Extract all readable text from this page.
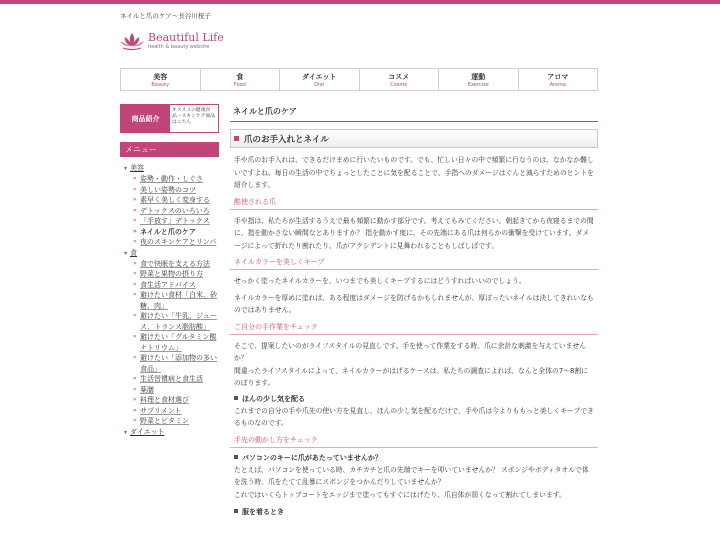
ネイルと爪のケア〜長谷川桜子
Beautiful Life
health & beauty website
美容
Beauty
食
Food
ダイエット
Diet
コスメ
Cosme
運動
Exercise
アロマ
Aroma
商品紹介
オススメの健康食品・スキンケア商品はこちら
メニュー
▾ 美容
» 姿勢・動作・しぐさ
» 美しい姿勢のコツ
» 素早く美しく変身する
» デトックスのいろいろ
» 「手放す」デトックス
» ネイルと爪のケア
» 夜のスキンケアとリンパ
▾ 食
» 食で快眠を支える方法
» 野菜と果物の摂り方
» 食生活アドバイス
» 避けたい食材「白米、砂糖、肉」
» 避けたい「牛乳、ジュース、トランス脂肪酸」
» 避けたい「グルタミン酸ナトリウム」
» 避けたい「添加物の多い食品」
» 生活習慣病と食生活
» 薬膳
» 料理と食材選び
» サプリメント
» 野菜とビタミン
▾ ダイエット
ネイルと爪のケア
爪のお手入れとネイル
手や爪のお手入れは、できるだけまめに行いたいものです。でも、忙しい日々の中で頻繁に行なうのは、なかなか難しいですよね。毎日の生活の中でちょっとしたことに気を配ることで、手指へのダメージはぐんと減らすためのヒントを紹介します。
酷使される爪
手や指は、私たちが生活するうえで最も頻繁に動かす部分です。考えてもみてください。朝起きてから夜寝るまでの間に、指を動かさない瞬間なとありますか？ 指を動かす度に、その先端にある爪は何らかの衝撃を受けています。ダメージによって折れたり割れたり、爪がアクシデントに見舞われることもしばしばです。
ネイルカラーを美しくキープ
せっかく塗ったネイルカラーを、いつまでも美しくキープするにはどうすればいいのでしょう。
ネイルカラーを厚めに塗れば、ある程度はダメージを防げるかもしれませんが、厚ぼったいネイルは決してきれいなものではありません。
ご自分の手作業をチェック
そこで、提案したいのがライフスタイルの見直しです。手を使って作業をする時、爪に余計な刺激を与えていませんか？
間違ったライフスタイルによって、ネイルカラーがはげるケースは、私たちの調査によれば、なんと全体の7〜8割にのぼります。
ほんの少し気を配る
これまでの自分の手や爪先の使い方を見直し、ほんの少し気を配るだけで、手や爪は今よりももっと美しくキープできるものなのです。
手先の動かし方をチェック
パソコンのキーに爪があたっていませんか？
たとえば、パソコンを使っている時、カチカチと爪の先端でキーを叩いていませんか？ スポンジやボディタオルで体を洗う時、爪をたてて乱暴にスポンジをつかんだりしていませんか？
これではいくらトップコートをエッジまで塗ってもすぐにはげたり、爪自体が弱くなって割れてしまいます。
服を着るとき
